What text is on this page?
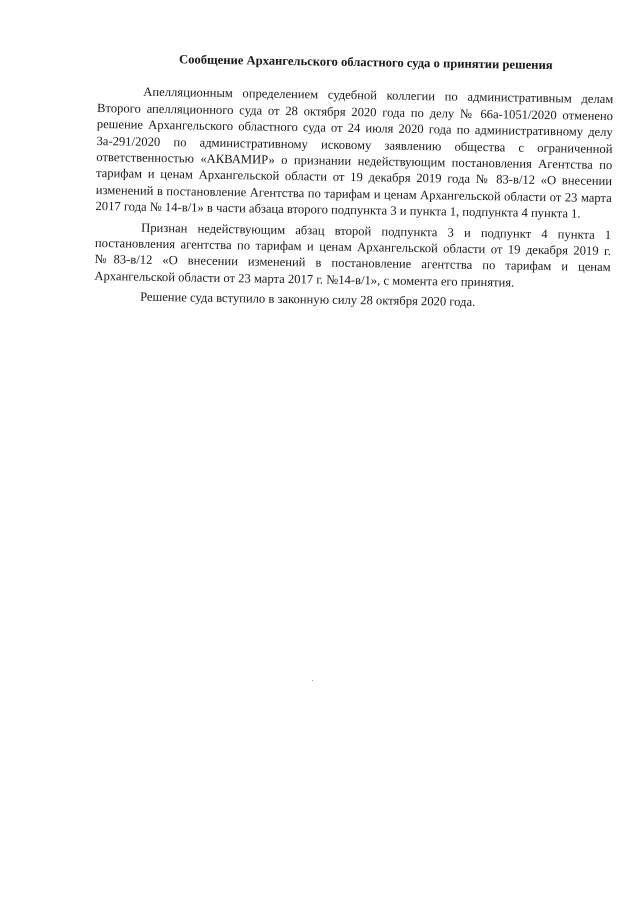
Сообщение Архангельского областного суда о принятии решения

Апелляционным определением судебной коллегии по административным делам Второго апелляционного суда от 28 октября 2020 года по делу № 66а-1051/2020 отменено решение Архангельского областного суда от 24 июля 2020 года по административному делу 3а-291/2020 по административному исковому заявлению общества с ограниченной ответственностью «АКВАМИР» о признании недействующим постановления Агентства по тарифам и ценам Архангельской области от 19 декабря 2019 года № 83-в/12 «О внесении изменений в постановление Агентства по тарифам и ценам Архангельской области от 23 марта 2017 года № 14-в/1» в части абзаца второго подпункта 3 и пункта 1, подпункта 4 пункта 1.

Признан недействующим абзац второй подпункта 3 и подпункт 4 пункта 1 постановления агентства по тарифам и ценам Архангельской области от 19 декабря 2019 г. №83-в/12 «О внесении изменений в постановление агентства по тарифам и ценам Архангельской области от 23 марта 2017 г. №14-в/1», с момента его принятия.

Решение суда вступило в законную силу 28 октября 2020 года.
